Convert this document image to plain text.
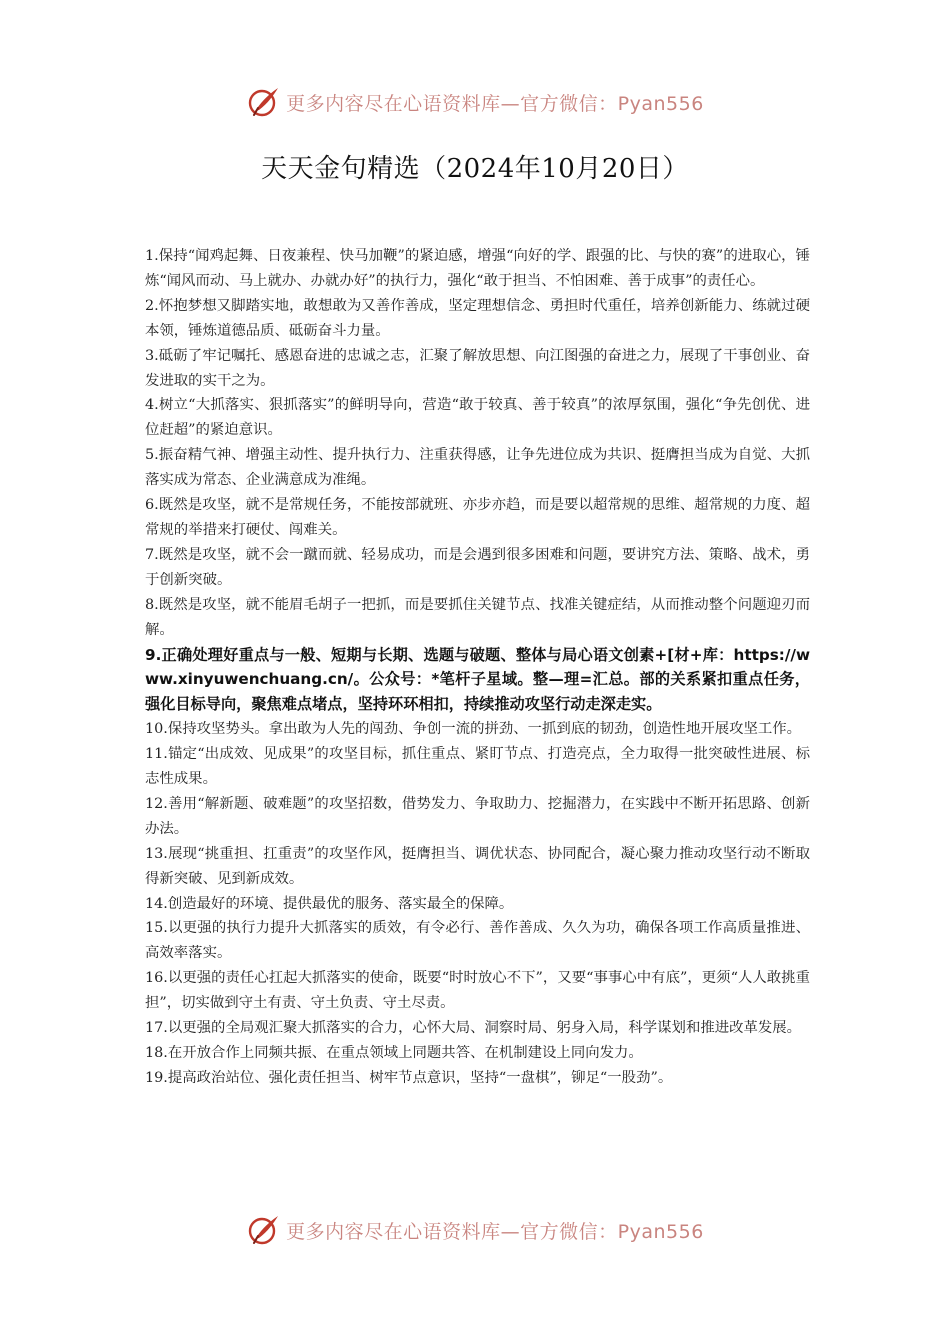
更多内容尽在心语资料库—官方微信：Pyan556
天天金句精选（2024年10月20日）

1.保持“闻鸡起舞、日夜兼程、快马加鞭”的紧迫感，增强“向好的学、跟强的比、与快的赛”的进取心，锤炼“闻风而动、马上就办、办就办好”的执行力，强化“敢于担当、不怕困难、善于成事”的责任心。

2.怀抱梦想又脚踏实地，敢想敢为又善作善成，坚定理想信念、勇担时代重任，培养创新能力、练就过硬本领，锤炼道德品质、砥砺奋斗力量。

3.砥砺了牢记嘱托、感恩奋进的忠诚之志，汇聚了解放思想、向江图强的奋进之力，展现了干事创业、奋发进取的实干之为。

4.树立“大抓落实、狠抓落实”的鲜明导向，营造“敢于较真、善于较真”的浓厚氛围，强化“争先创优、进位赶超”的紧迫意识。

5.振奋精气神、增强主动性、提升执行力、注重获得感，让争先进位成为共识、挺膺担当成为自觉、大抓落实成为常态、企业满意成为准绳。

6.既然是攻坚，就不是常规任务，不能按部就班、亦步亦趋，而是要以超常规的思维、超常规的力度、超常规的举措来打硬仗、闯难关。

7.既然是攻坚，就不会一蹴而就、轻易成功，而是会遇到很多困难和问题，要讲究方法、策略、战术，勇于创新突破。

8.既然是攻坚，就不能眉毛胡子一把抓，而是要抓住关键节点、找准关键症结，从而推动整个问题迎刃而解。

9.正确处理好重点与一般、短期与长期、选题与破题、整体与局心语文创素+[材+库：https://www.xinyuwenchuang.cn/。公众号：*笔杆子星域。整—理=汇总。部的关系紧扣重点任务，强化目标导向，聚焦难点堵点，坚持环环相扣，持续推动攻坚行动走深走实。

10.保持攻坚势头。拿出敢为人先的闯劲、争创一流的拼劲、一抓到底的韧劲，创造性地开展攻坚工作。

11.锚定“出成效、见成果”的攻坚目标，抓住重点、紧盯节点、打造亮点，全力取得一批突破性进展、标志性成果。

12.善用“解新题、破难题”的攻坚招数，借势发力、争取助力、挖掘潜力，在实践中不断开拓思路、创新办法。

13.展现“挑重担、扛重责”的攻坚作风，挺膺担当、调优状态、协同配合，凝心聚力推动攻坚行动不断取得新突破、见到新成效。

14.创造最好的环境、提供最优的服务、落实最全的保障。

15.以更强的执行力提升大抓落实的质效，有令必行、善作善成、久久为功，确保各项工作高质量推进、高效率落实。

16.以更强的责任心扛起大抓落实的使命，既要“时时放心不下”，又要“事事心中有底”，更须“人人敢挑重担”，切实做到守土有责、守土负责、守土尽责。

17.以更强的全局观汇聚大抓落实的合力，心怀大局、洞察时局、躬身入局，科学谋划和推进改革发展。

18.在开放合作上同频共振、在重点领域上同题共答、在机制建设上同向发力。

19.提高政治站位、强化责任担当、树牢节点意识，坚持“一盘棋”，铆足“一股劲”。

更多内容尽在心语资料库—官方微信：Pyan556
